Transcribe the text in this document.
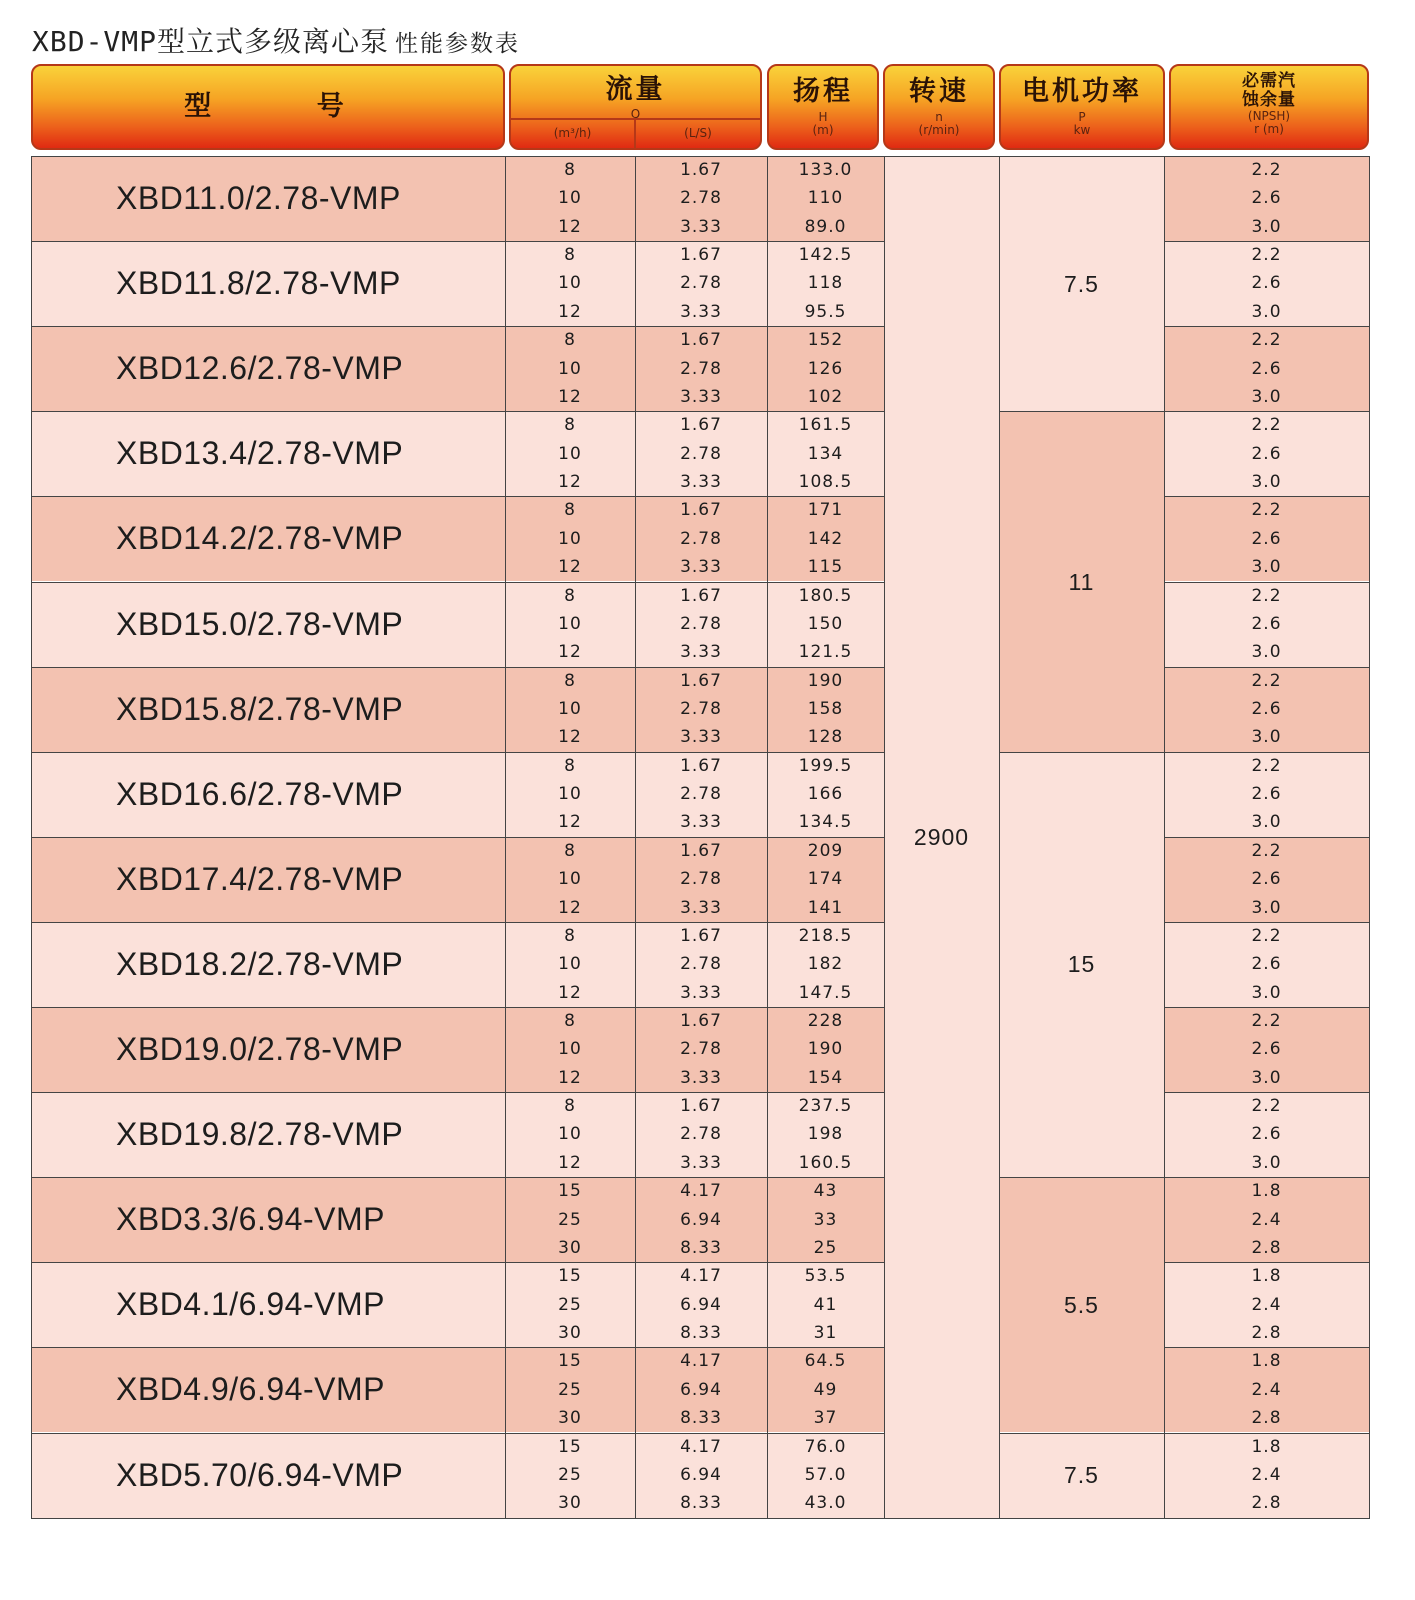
XBD-VMP型立式多级离心泵 性能参数表
型 号
流量
Q
(m³/h)	(L/S)
扬程
H
(m)
转速
n
(r/min)
电机功率
P
kw
必需汽
蚀余量
(NPSH)
r (m)
XBD11.0/2.78-VMP
8
10
12
1.67
2.78
3.33
133.0
110
89.0
2.2
2.6
3.0
XBD11.8/2.78-VMP
8
10
12
1.67
2.78
3.33
142.5
118
95.5
2.2
2.6
3.0
XBD12.6/2.78-VMP
8
10
12
1.67
2.78
3.33
152
126
102
2.2
2.6
3.0
XBD13.4/2.78-VMP
8
10
12
1.67
2.78
3.33
161.5
134
108.5
2.2
2.6
3.0
XBD14.2/2.78-VMP
8
10
12
1.67
2.78
3.33
171
142
115
2.2
2.6
3.0
XBD15.0/2.78-VMP
8
10
12
1.67
2.78
3.33
180.5
150
121.5
2.2
2.6
3.0
XBD15.8/2.78-VMP
8
10
12
1.67
2.78
3.33
190
158
128
2.2
2.6
3.0
XBD16.6/2.78-VMP
8
10
12
1.67
2.78
3.33
199.5
166
134.5
2.2
2.6
3.0
XBD17.4/2.78-VMP
8
10
12
1.67
2.78
3.33
209
174
141
2.2
2.6
3.0
XBD18.2/2.78-VMP
8
10
12
1.67
2.78
3.33
218.5
182
147.5
2.2
2.6
3.0
XBD19.0/2.78-VMP
8
10
12
1.67
2.78
3.33
228
190
154
2.2
2.6
3.0
XBD19.8/2.78-VMP
8
10
12
1.67
2.78
3.33
237.5
198
160.5
2.2
2.6
3.0
XBD3.3/6.94-VMP
15
25
30
4.17
6.94
8.33
43
33
25
1.8
2.4
2.8
XBD4.1/6.94-VMP
15
25
30
4.17
6.94
8.33
53.5
41
31
1.8
2.4
2.8
XBD4.9/6.94-VMP
15
25
30
4.17
6.94
8.33
64.5
49
37
1.8
2.4
2.8
XBD5.70/6.94-VMP
15
25
30
4.17
6.94
8.33
76.0
57.0
43.0
1.8
2.4
2.8
2900
7.5
11
15
5.5
7.5
